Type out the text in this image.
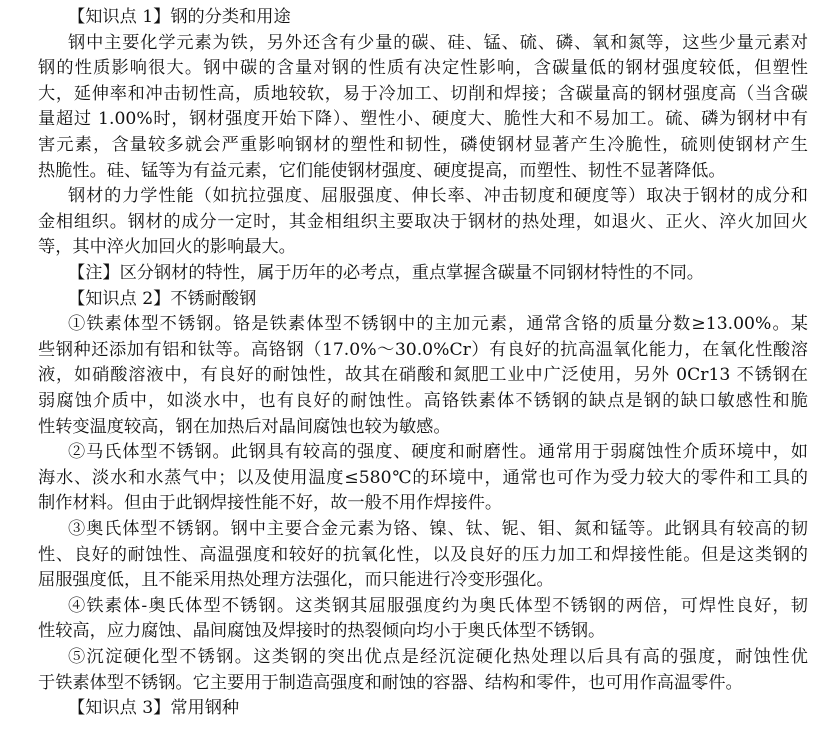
【知识点 1】钢的分类和用途
钢中主要化学元素为铁，另外还含有少量的碳、硅、锰、硫、磷、氧和氮等，这些少量元素对
钢的性质影响很大。钢中碳的含量对钢的性质有决定性影响，含碳量低的钢材强度较低，但塑性
大，延伸率和冲击韧性高，质地较软，易于冷加工、切削和焊接；含碳量高的钢材强度高（当含碳
量超过 1.00%时，钢材强度开始下降）、塑性小、硬度大、脆性大和不易加工。硫、磷为钢材中有
害元素，含量较多就会严重影响钢材的塑性和韧性，磷使钢材显著产生冷脆性，硫则使钢材产生
热脆性。硅、锰等为有益元素，它们能使钢材强度、硬度提高，而塑性、韧性不显著降低。
钢材的力学性能（如抗拉强度、屈服强度、伸长率、冲击韧度和硬度等）取决于钢材的成分和
金相组织。钢材的成分一定时，其金相组织主要取决于钢材的热处理，如退火、正火、淬火加回火
等，其中淬火加回火的影响最大。
【注】区分钢材的特性，属于历年的必考点，重点掌握含碳量不同钢材特性的不同。
【知识点 2】不锈耐酸钢
①铁素体型不锈钢。铬是铁素体型不锈钢中的主加元素，通常含铬的质量分数≥13.00%。某
些钢种还添加有铝和钛等。高铬钢（17.0%～30.0%Cr）有良好的抗高温氧化能力，在氧化性酸溶
液，如硝酸溶液中，有良好的耐蚀性，故其在硝酸和氮肥工业中广泛使用，另外 0Cr13 不锈钢在
弱腐蚀介质中，如淡水中，也有良好的耐蚀性。高铬铁素体不锈钢的缺点是钢的缺口敏感性和脆
性转变温度较高，钢在加热后对晶间腐蚀也较为敏感。
②马氏体型不锈钢。此钢具有较高的强度、硬度和耐磨性。通常用于弱腐蚀性介质环境中，如
海水、淡水和水蒸气中；以及使用温度≤580℃的环境中，通常也可作为受力较大的零件和工具的
制作材料。但由于此钢焊接性能不好，故一般不用作焊接件。
③奥氏体型不锈钢。钢中主要合金元素为铬、镍、钛、铌、钼、氮和锰等。此钢具有较高的韧
性、良好的耐蚀性、高温强度和较好的抗氧化性，以及良好的压力加工和焊接性能。但是这类钢的
屈服强度低，且不能采用热处理方法强化，而只能进行冷变形强化。
④铁素体-奥氏体型不锈钢。这类钢其屈服强度约为奥氏体型不锈钢的两倍，可焊性良好，韧
性较高，应力腐蚀、晶间腐蚀及焊接时的热裂倾向均小于奥氏体型不锈钢。
⑤沉淀硬化型不锈钢。这类钢的突出优点是经沉淀硬化热处理以后具有高的强度，耐蚀性优
于铁素体型不锈钢。它主要用于制造高强度和耐蚀的容器、结构和零件，也可用作高温零件。
【知识点 3】常用钢种
